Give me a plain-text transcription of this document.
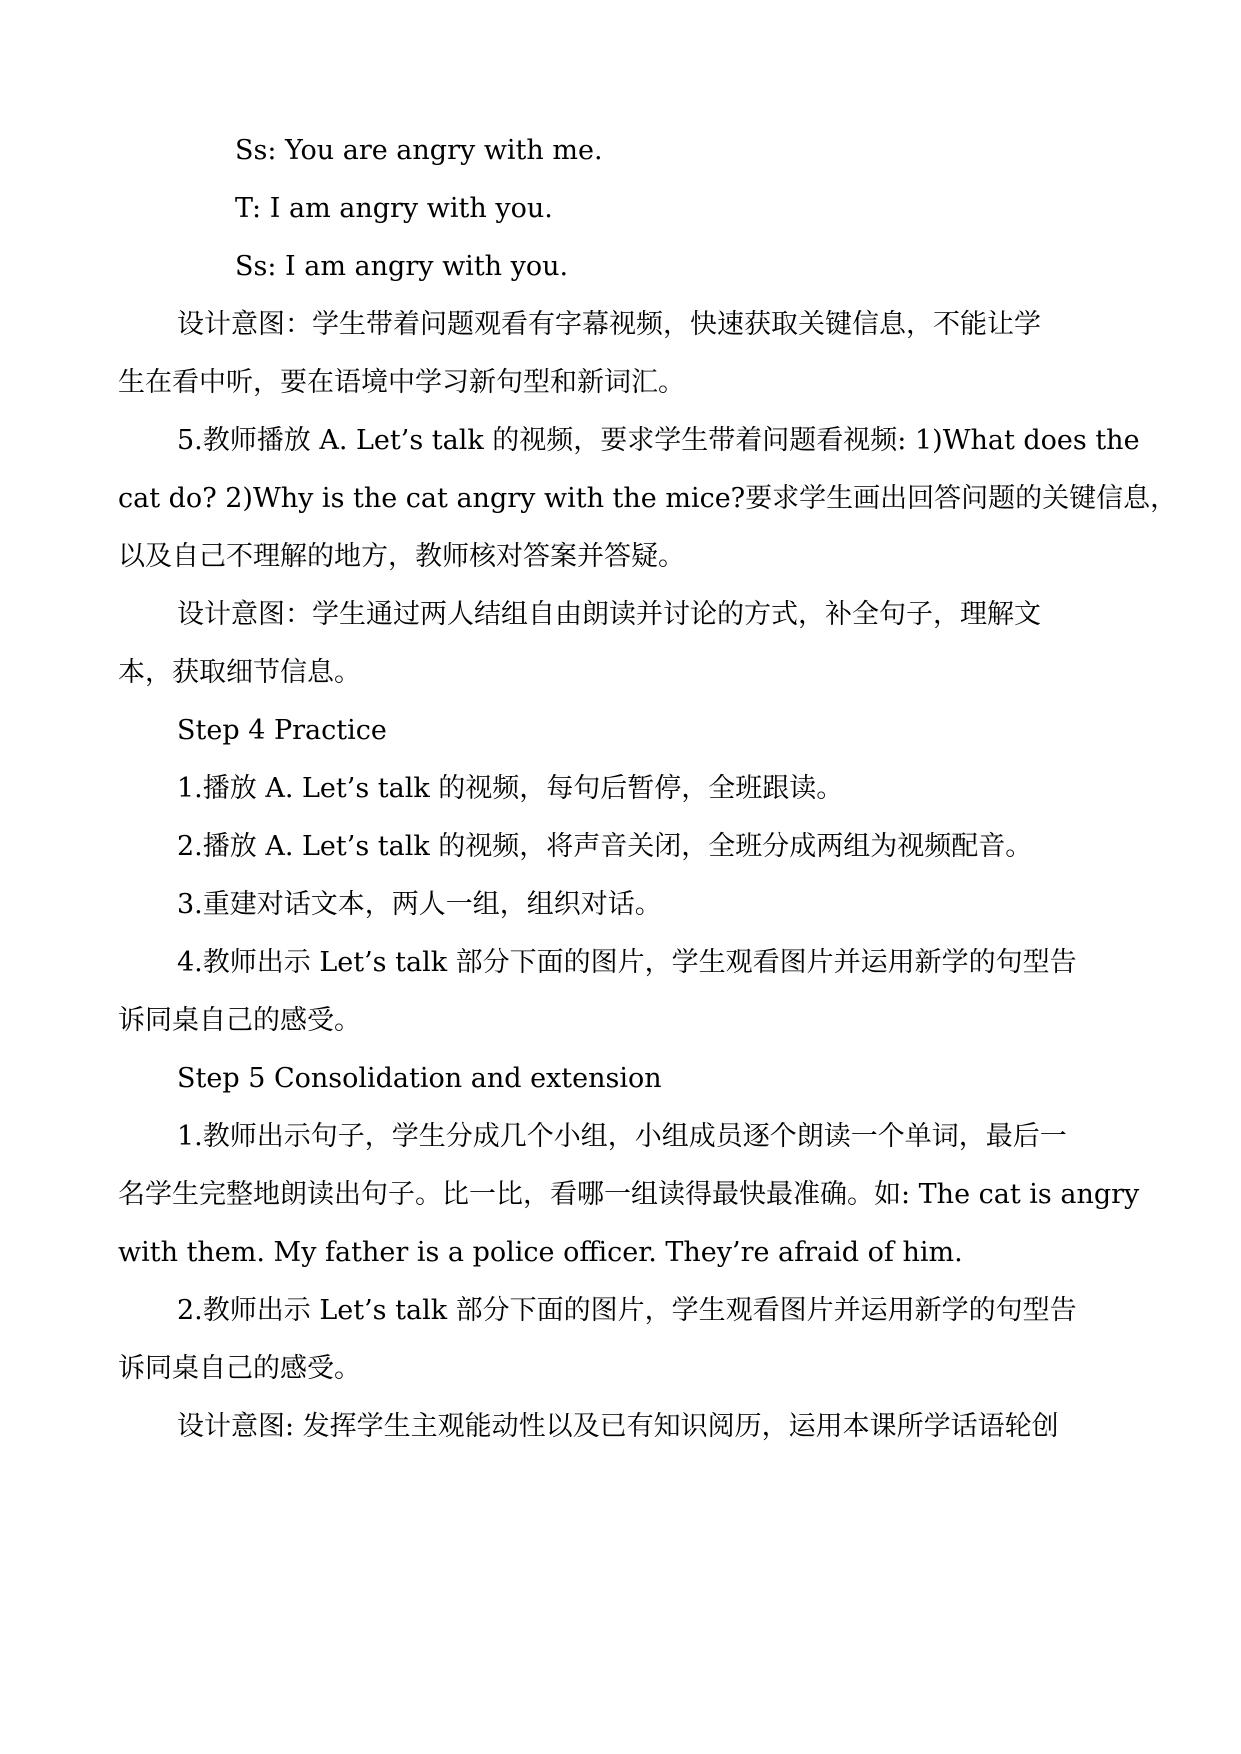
Ss: You are angry with me.
T: I am angry with you.
Ss: I am angry with you.
设计意图：学生带着问题观看有字幕视频，快速获取关键信息，不能让学
生在看中听，要在语境中学习新句型和新词汇。
5.教师播放 A. Let’s talk 的视频，要求学生带着问题看视频: 1)What does the
cat do? 2)Why is the cat angry with the mice?要求学生画出回答问题的关键信息，
以及自己不理解的地方，教师核对答案并答疑。
设计意图：学生通过两人结组自由朗读并讨论的方式，补全句子，理解文
本，获取细节信息。
Step 4 Practice
1.播放 A. Let’s talk 的视频，每句后暂停，全班跟读。
2.播放 A. Let’s talk 的视频，将声音关闭，全班分成两组为视频配音。
3.重建对话文本，两人一组，组织对话。
4.教师出示 Let’s talk 部分下面的图片，学生观看图片并运用新学的句型告
诉同桌自己的感受。
Step 5 Consolidation and extension
1.教师出示句子，学生分成几个小组，小组成员逐个朗读一个单词，最后一
名学生完整地朗读出句子。比一比，看哪一组读得最快最准确。如: The cat is angry
with them. My father is a police officer. They’re afraid of him.
2.教师出示 Let’s talk 部分下面的图片，学生观看图片并运用新学的句型告
诉同桌自己的感受。
设计意图: 发挥学生主观能动性以及已有知识阅历，运用本课所学话语轮创
